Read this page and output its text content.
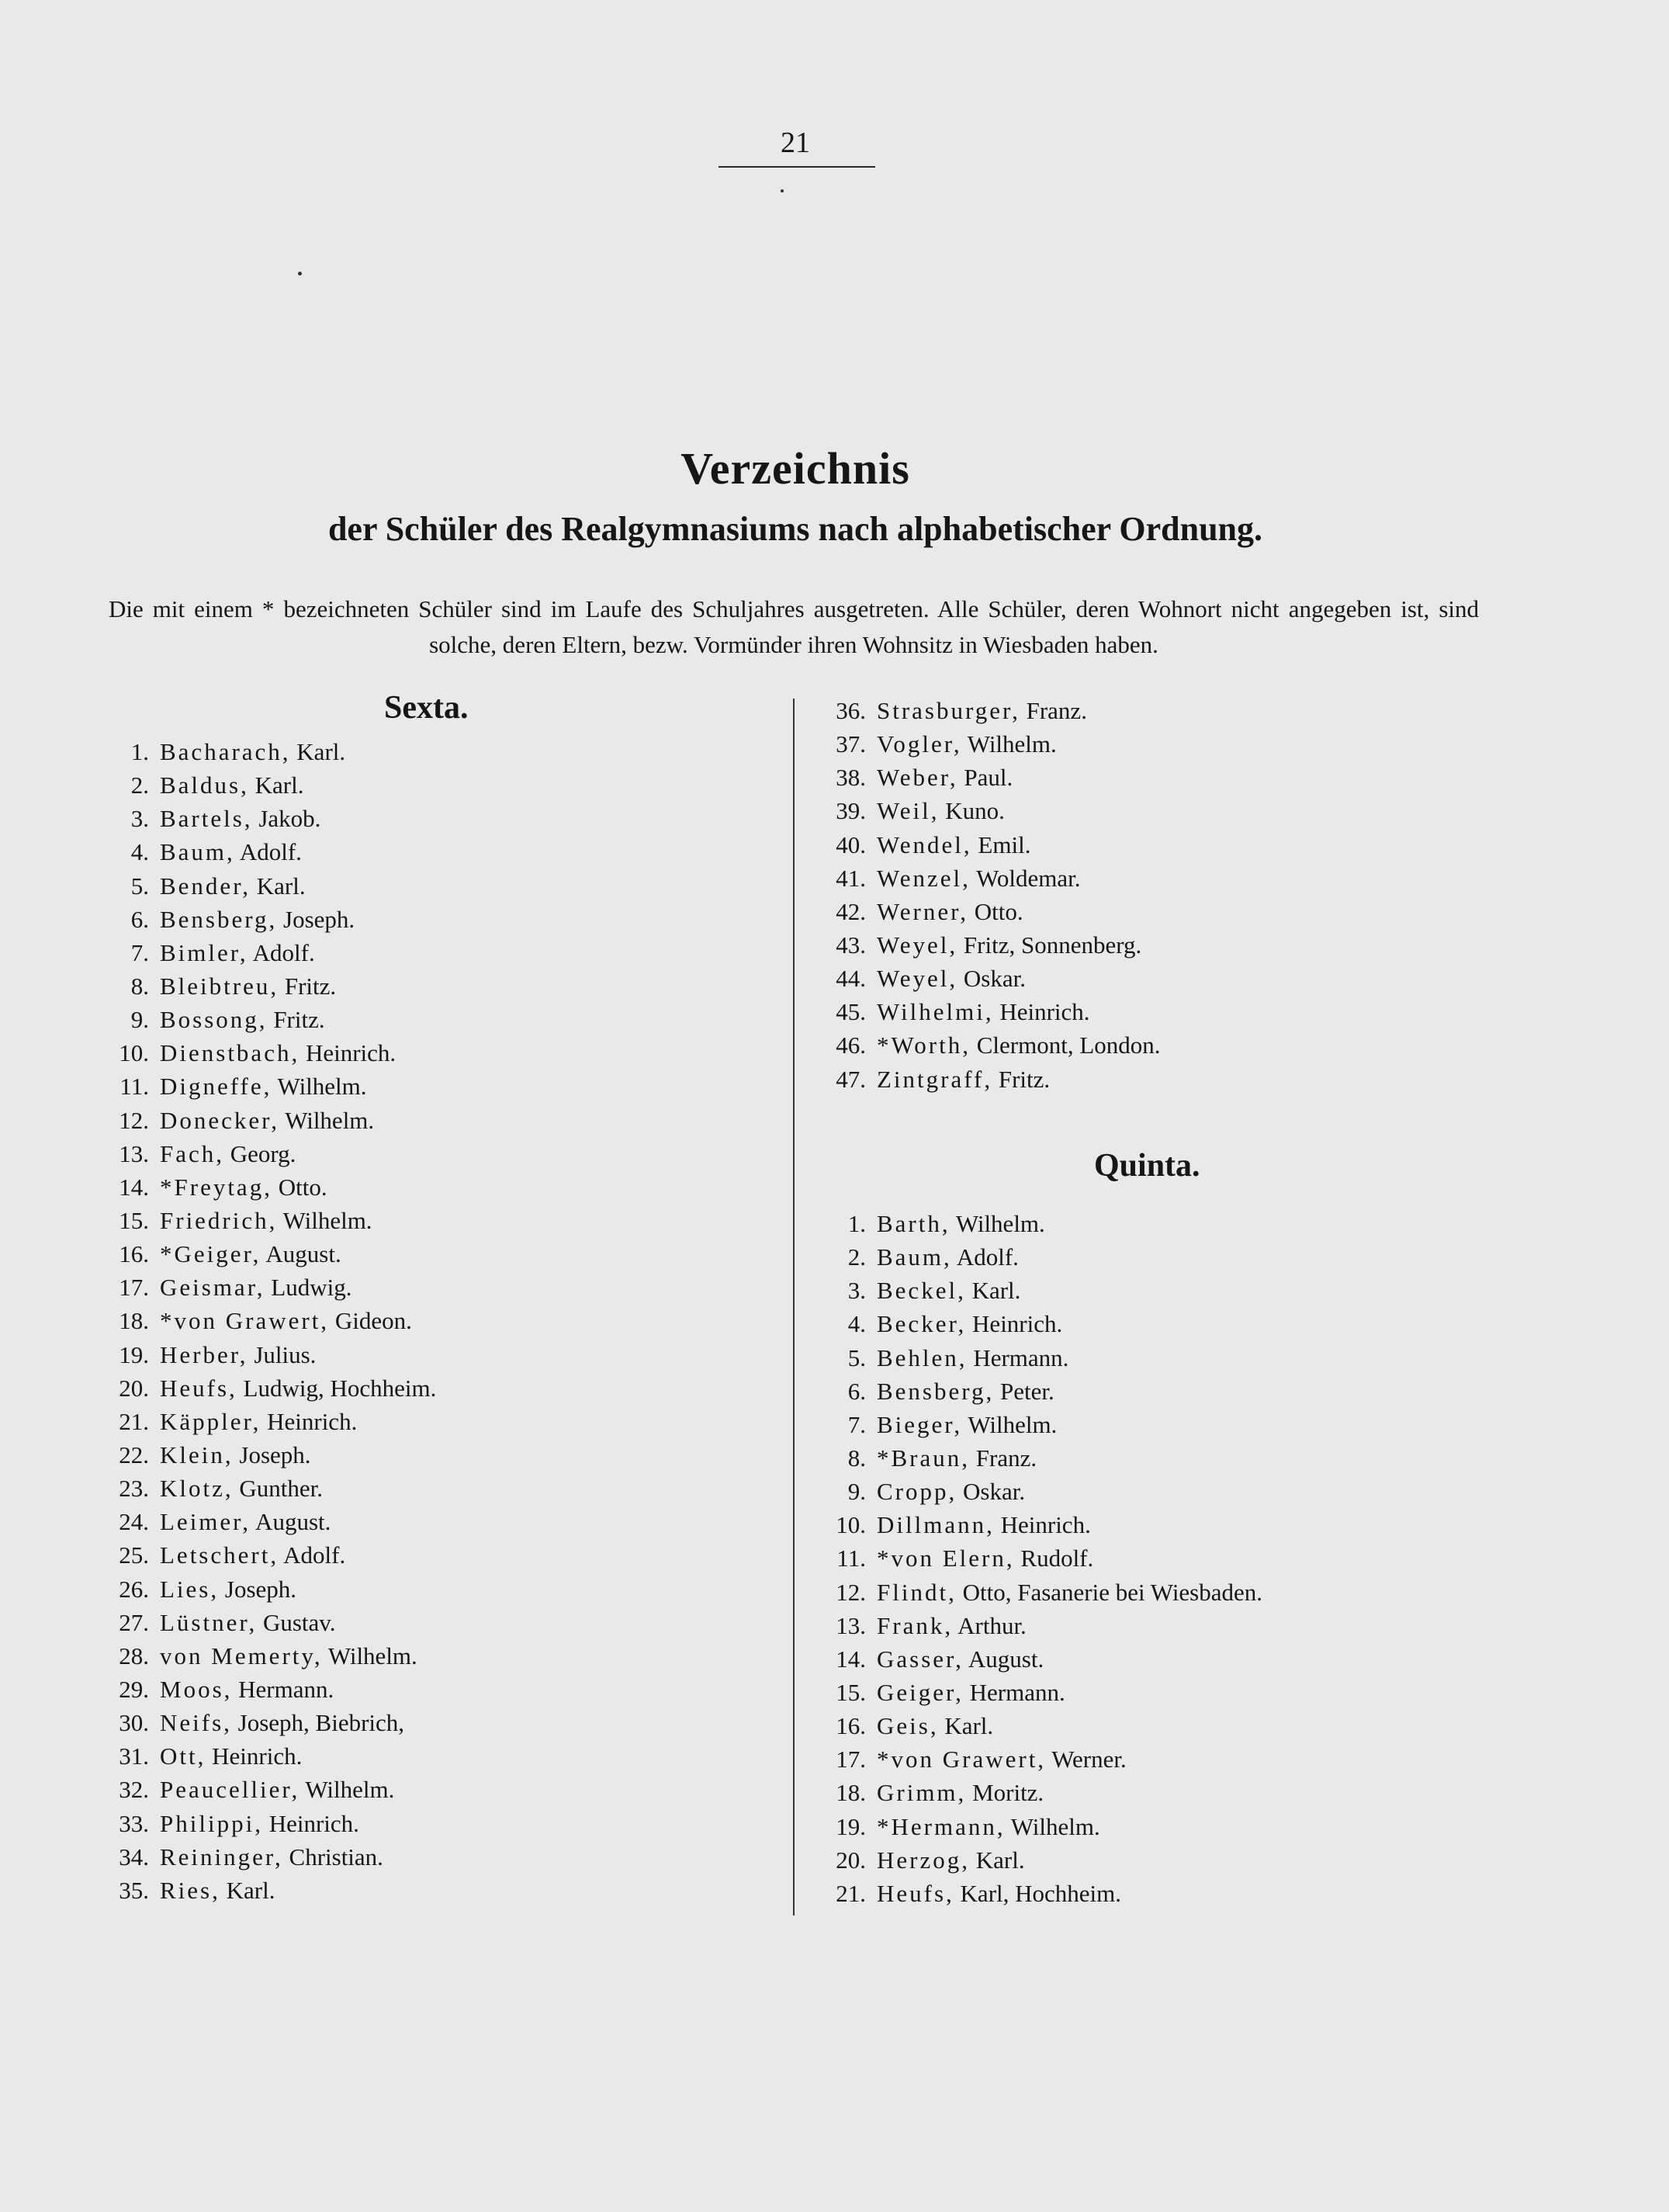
21
Verzeichnis
der Schüler des Realgymnasiums nach alphabetischer Ordnung.
Die mit einem * bezeichneten Schüler sind im Laufe des Schuljahres ausgetreten. Alle Schüler, deren Wohnort nicht angegeben ist, sind solche, deren Eltern, bezw. Vormünder ihren Wohnsitz in Wiesbaden haben.
Sexta.
1. Bacharach, Karl.
2. Baldus, Karl.
3. Bartels, Jakob.
4. Baum, Adolf.
5. Bender, Karl.
6. Bensberg, Joseph.
7. Bimler, Adolf.
8. Bleibtreu, Fritz.
9. Bossong, Fritz.
10. Dienstbach, Heinrich.
11. Digneffe, Wilhelm.
12. Donecker, Wilhelm.
13. Fach, Georg.
14. *Freytag, Otto.
15. Friedrich, Wilhelm.
16. *Geiger, August.
17. Geismar, Ludwig.
18. *von Grawert, Gideon.
19. Herber, Julius.
20. Heufs, Ludwig, Hochheim.
21. Käppler, Heinrich.
22. Klein, Joseph.
23. Klotz, Gunther.
24. Leimer, August.
25. Letschert, Adolf.
26. Lies, Joseph.
27. Lüstner, Gustav.
28. von Memerty, Wilhelm.
29. Moos, Hermann.
30. Neifs, Joseph, Biebrich,
31. Ott, Heinrich.
32. Peaucellier, Wilhelm.
33. Philippi, Heinrich.
34. Reininger, Christian.
35. Ries, Karl.
36. Strasburger, Franz.
37. Vogler, Wilhelm.
38. Weber, Paul.
39. Weil, Kuno.
40. Wendel, Emil.
41. Wenzel, Woldemar.
42. Werner, Otto.
43. Weyel, Fritz, Sonnenberg.
44. Weyel, Oskar.
45. Wilhelmi, Heinrich.
46. *Worth, Clermont, London.
47. Zintgraff, Fritz.
Quinta.
1. Barth, Wilhelm.
2. Baum, Adolf.
3. Beckel, Karl.
4. Becker, Heinrich.
5. Behlen, Hermann.
6. Bensberg, Peter.
7. Bieger, Wilhelm.
8. *Braun, Franz.
9. Cropp, Oskar.
10. Dillmann, Heinrich.
11. *von Elern, Rudolf.
12. Flindt, Otto, Fasanerie bei Wiesbaden.
13. Frank, Arthur.
14. Gasser, August.
15. Geiger, Hermann.
16. Geis, Karl.
17. *von Grawert, Werner.
18. Grimm, Moritz.
19. *Hermann, Wilhelm.
20. Herzog, Karl.
21. Heufs, Karl, Hochheim.
